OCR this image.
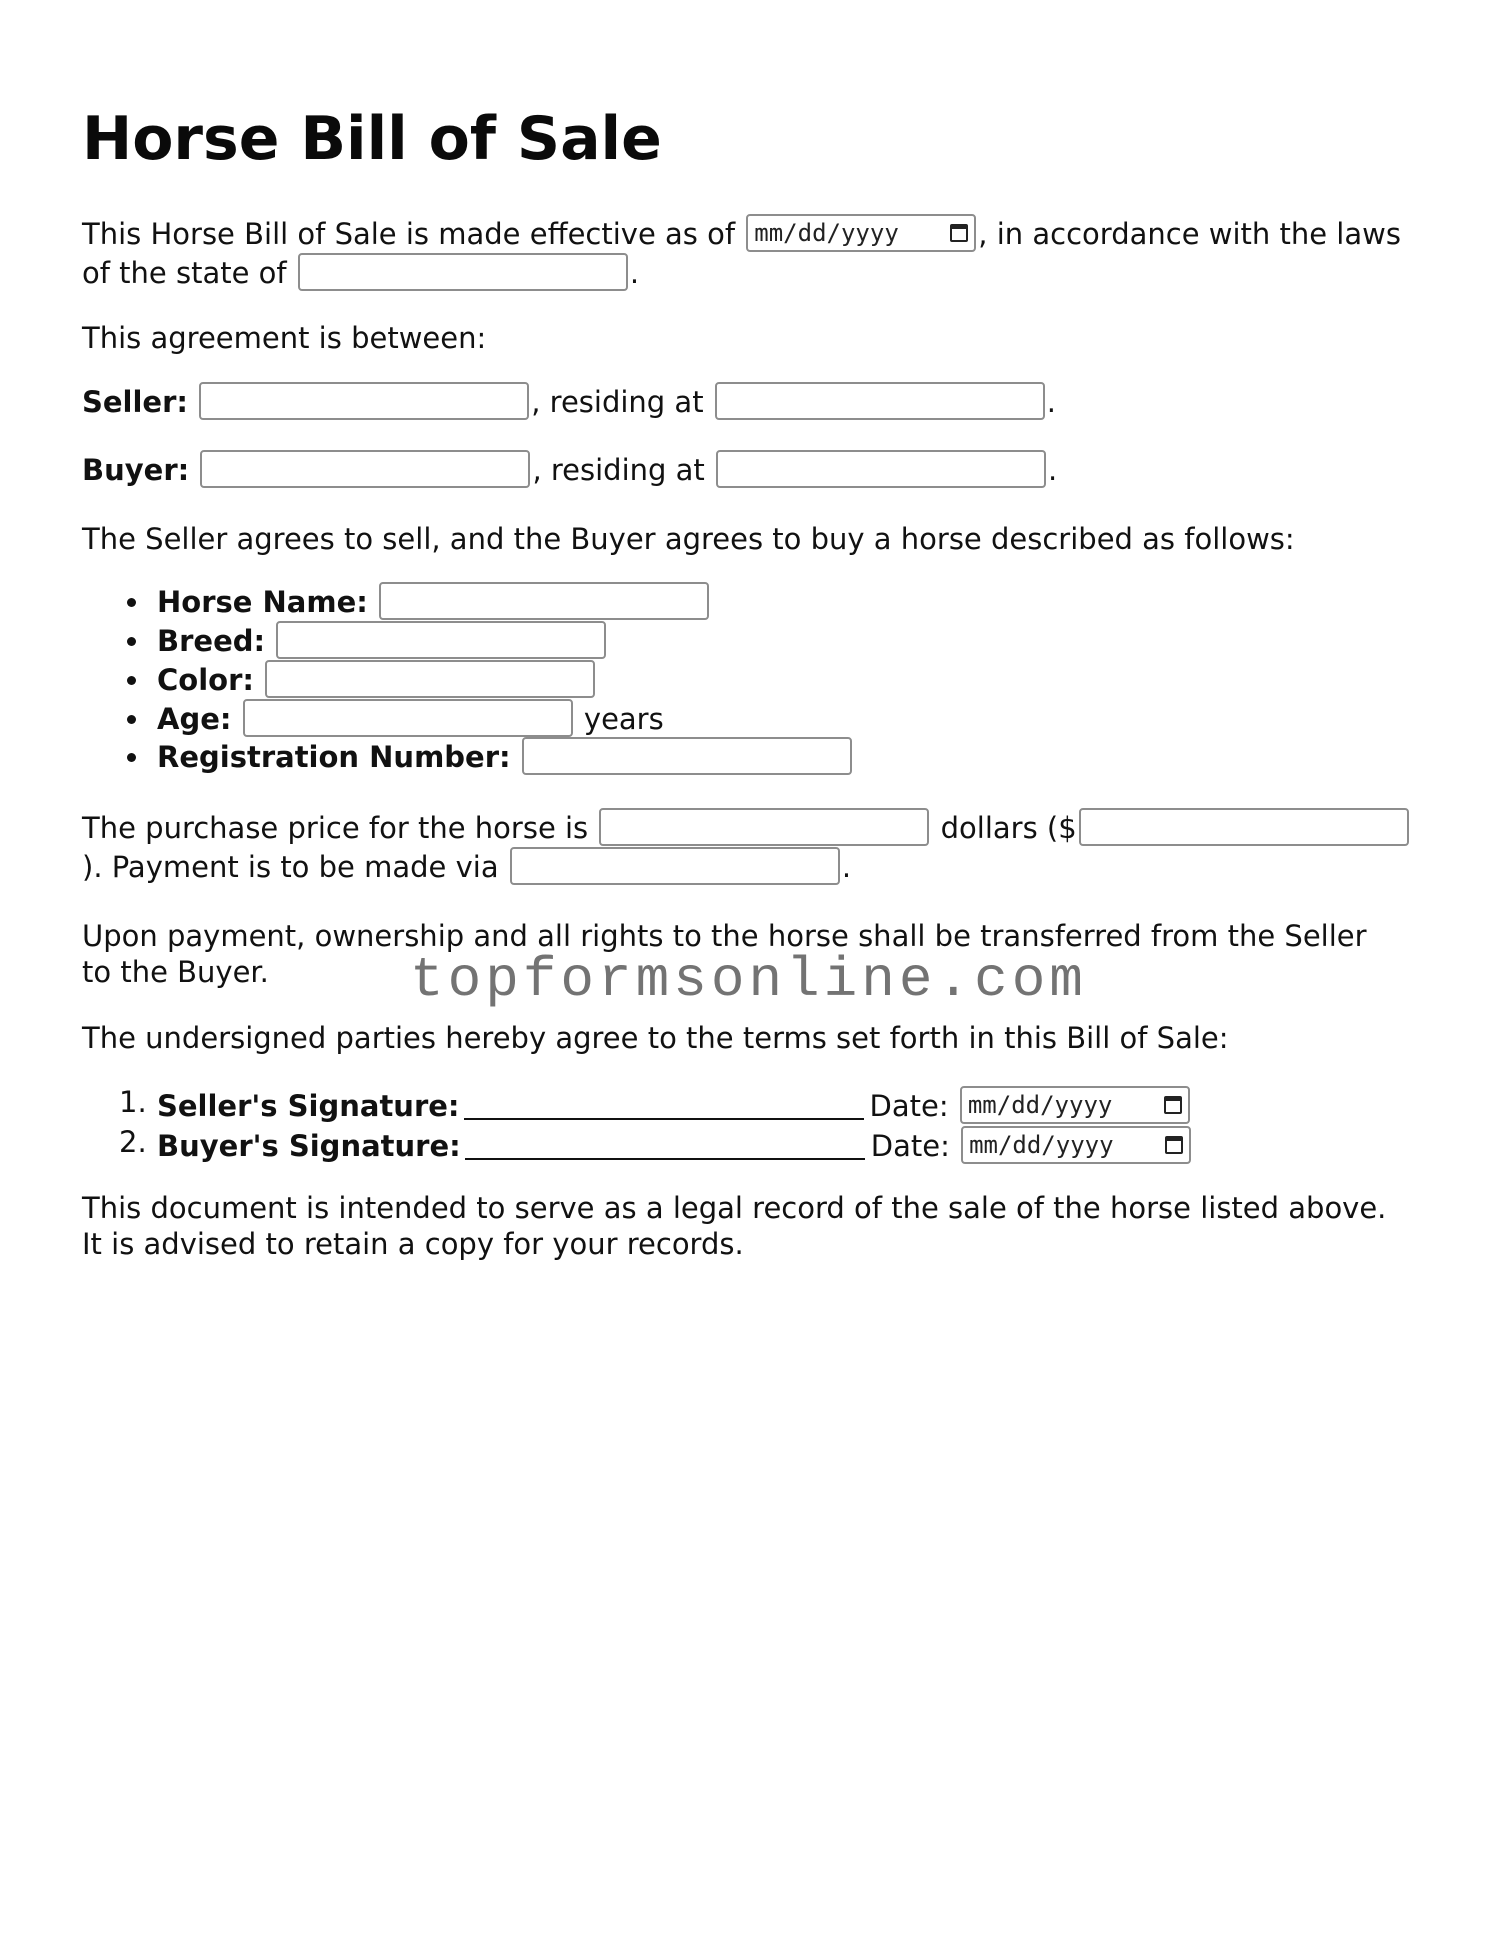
Horse Bill of Sale
This Horse Bill of Sale is made effective as of mm/dd/yyyy	, in accordance with the laws
of the state of	.
This agreement is between:
Seller:	, residing at	.
Buyer:	, residing at	.
The Seller agrees to sell, and the Buyer agrees to buy a horse described as follows:
Horse Name:
Breed:
Color:
Age:	years
Registration Number:
The purchase price for the horse is	dollars ($
). Payment is to be made via	.
Upon payment, ownership and all rights to the horse shall be transferred from the Seller
to the Buyer.
The undersigned parties hereby agree to the terms set forth in this Bill of Sale:
1. Seller's Signature:	Date: mm/dd/yyyy
2. Buyer's Signature:	Date: mm/dd/yyyy
This document is intended to serve as a legal record of the sale of the horse listed above.
It is advised to retain a copy for your records.
topformsonline.com
